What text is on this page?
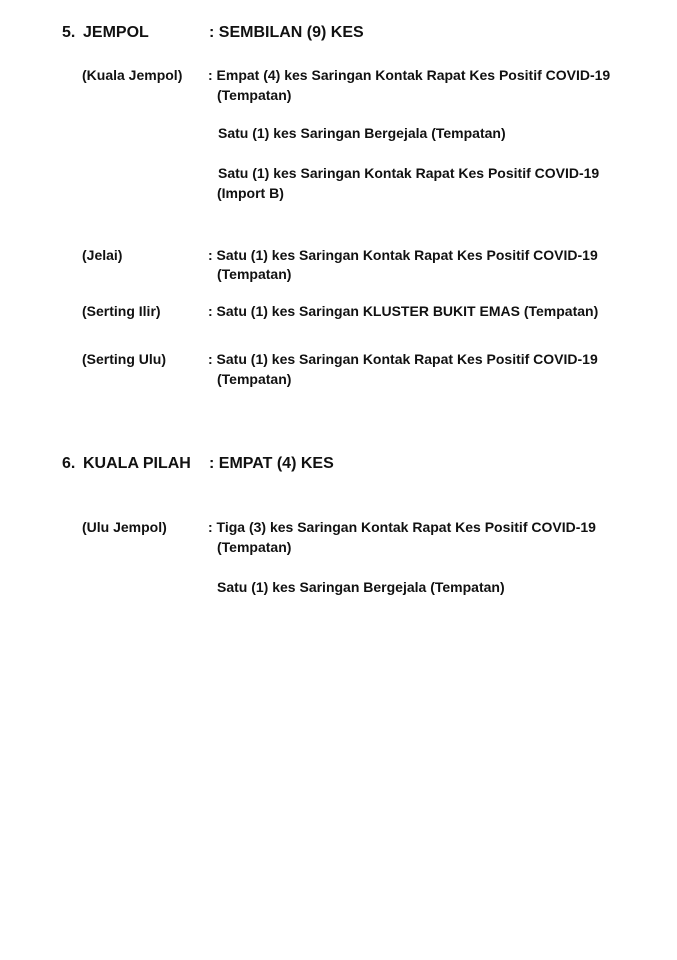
5. JEMPOL	: SEMBILAN (9) KES
(Kuala Jempol) : Empat (4) kes Saringan Kontak Rapat Kes Positif COVID-19
(Tempatan)
Satu (1) kes Saringan Bergejala (Tempatan)
Satu (1) kes Saringan Kontak Rapat Kes Positif COVID-19
(Import B)
(Jelai)	: Satu (1) kes Saringan Kontak Rapat Kes Positif COVID-19
(Tempatan)
(Serting Ilir)	: Satu (1) kes Saringan KLUSTER BUKIT EMAS (Tempatan)
(Serting Ulu)	: Satu (1) kes Saringan Kontak Rapat Kes Positif COVID-19
(Tempatan)
6. KUALA PILAH : EMPAT (4) KES
(Ulu Jempol)	: Tiga (3) kes Saringan Kontak Rapat Kes Positif COVID-19
(Tempatan)
Satu (1) kes Saringan Bergejala (Tempatan)
